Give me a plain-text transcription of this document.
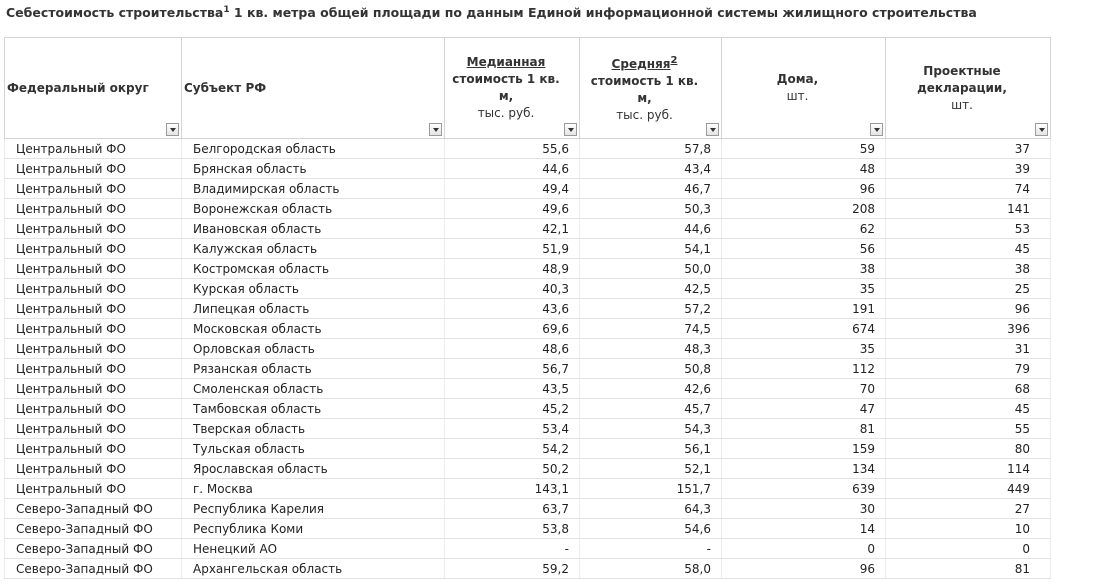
Себестоимость строительства$^1$ 1 кв. метра общей площади по данным Единой информационной системы жилищного строительства
Федеральный округ	Субъект РФ	Медианная
стоимость 1 кв. м,
тыс. руб.	Средняя$^2$
стоимость 1 кв. м,
тыс. руб.	Дома,
шт.	Проектные
декларации,
шт.

Центральный ФО	Белгородская область	55,6	57,8	59	37
Центральный ФО	Брянская область	44,6	43,4	48	39
Центральный ФО	Владимирская область	49,4	46,7	96	74
Центральный ФО	Воронежская область	49,6	50,3	208	141
Центральный ФО	Ивановская область	42,1	44,6	62	53
Центральный ФО	Калужская область	51,9	54,1	56	45
Центральный ФО	Костромская область	48,9	50,0	38	38
Центральный ФО	Курская область	40,3	42,5	35	25
Центральный ФО	Липецкая область	43,6	57,2	191	96
Центральный ФО	Московская область	69,6	74,5	674	396
Центральный ФО	Орловская область	48,6	48,3	35	31
Центральный ФО	Рязанская область	56,7	50,8	112	79
Центральный ФО	Смоленская область	43,5	42,6	70	68
Центральный ФО	Тамбовская область	45,2	45,7	47	45
Центральный ФО	Тверская область	53,4	54,3	81	55
Центральный ФО	Тульская область	54,2	56,1	159	80
Центральный ФО	Ярославская область	50,2	52,1	134	114
Центральный ФО	г. Москва	143,1	151,7	639	449
Северо-Западный ФО	Республика Карелия	63,7	64,3	30	27
Северо-Западный ФО	Республика Коми	53,8	54,6	14	10
Северо-Западный ФО	Ненецкий АО	-	-	0	0
Северо-Западный ФО	Архангельская область	59,2	58,0	96	81
